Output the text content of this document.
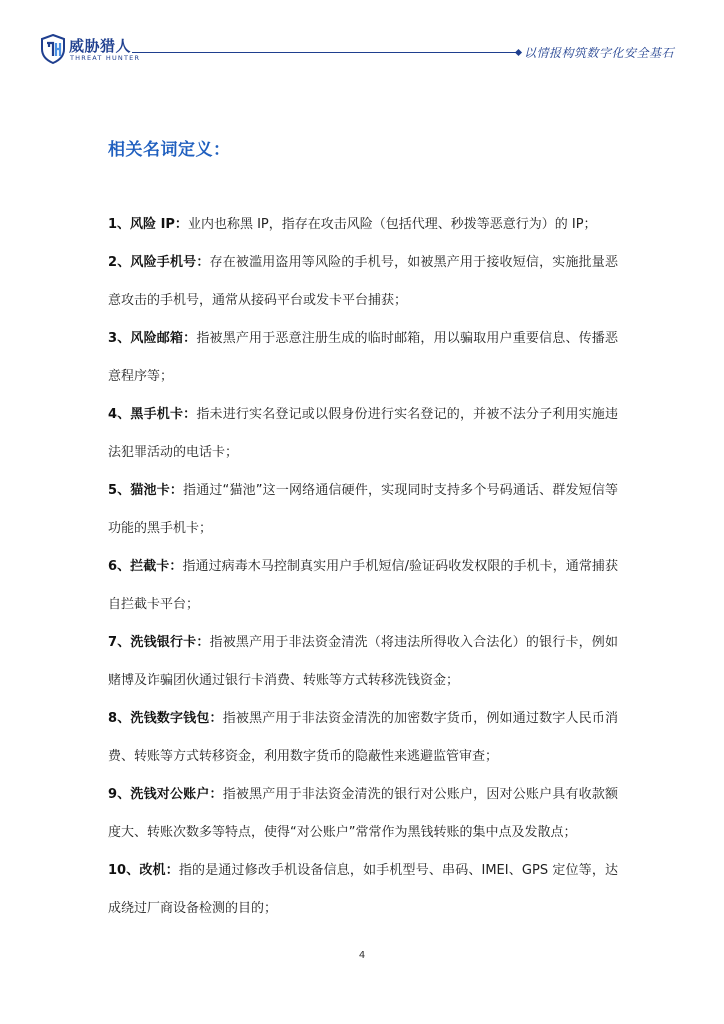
威胁猎人
THREAT HUNTER	以情报构筑数字化安全基石
相关名词定义：
1、风险 IP：业内也称黑 IP，指存在攻击风险（包括代理、秒拨等恶意行为）的 IP；
2、风险手机号：存在被滥用盗用等风险的手机号，如被黑产用于接收短信，实施批量恶意攻击的手机号，通常从接码平台或发卡平台捕获；
3、风险邮箱：指被黑产用于恶意注册生成的临时邮箱，用以骗取用户重要信息、传播恶意程序等；
4、黑手机卡：指未进行实名登记或以假身份进行实名登记的，并被不法分子利用实施违法犯罪活动的电话卡；
5、猫池卡：指通过“猫池”这一网络通信硬件，实现同时支持多个号码通话、群发短信等功能的黑手机卡；
6、拦截卡：指通过病毒木马控制真实用户手机短信/验证码收发权限的手机卡，通常捕获自拦截卡平台；
7、洗钱银行卡：指被黑产用于非法资金清洗（将违法所得收入合法化）的银行卡，例如赌博及诈骗团伙通过银行卡消费、转账等方式转移洗钱资金；
8、洗钱数字钱包：指被黑产用于非法资金清洗的加密数字货币，例如通过数字人民币消费、转账等方式转移资金，利用数字货币的隐蔽性来逃避监管审查；
9、洗钱对公账户：指被黑产用于非法资金清洗的银行对公账户，因对公账户具有收款额度大、转账次数多等特点，使得“对公账户”常常作为黑钱转账的集中点及发散点；
10、改机：指的是通过修改手机设备信息，如手机型号、串码、IMEI、GPS 定位等，达成绕过厂商设备检测的目的；
4
